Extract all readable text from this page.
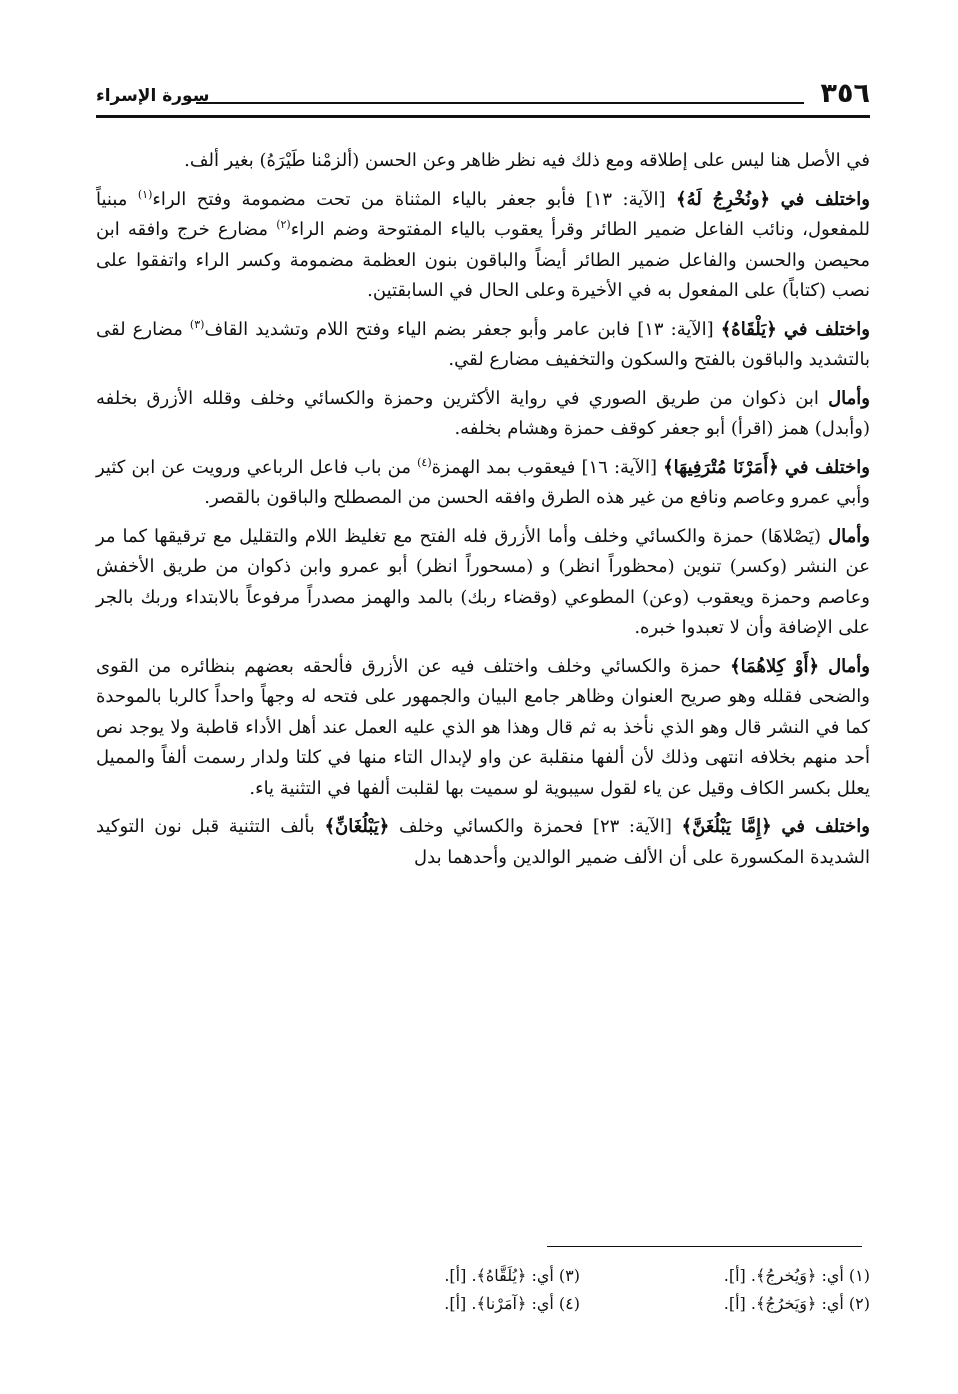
٣٥٦
سورة الإسراء

في الأصل هنا ليس على إطلاقه ومع ذلك فيه نظر ظاهر وعن الحسن (ألزمْنا طَيْرَهُ) بغير ألف.

واختلف في ﴿ونُخْرِجُ لَهُ﴾ [الآية: ١٣] فأبو جعفر بالياء المثناة من تحت مضمومة وفتح الراء$^{(١)}$ مبنياً للمفعول، ونائب الفاعل ضمير الطائر وقرأ يعقوب بالياء المفتوحة وضم الراء$^{(٢)}$ مضارع خرج وافقه ابن محيصن والحسن والفاعل ضمير الطائر أيضاً والباقون بنون العظمة مضمومة وكسر الراء واتفقوا على نصب (كتاباً) على المفعول به في الأخيرة وعلى الحال في السابقتين.

واختلف في ﴿يَلْقَاهُ﴾ [الآية: ١٣] فابن عامر وأبو جعفر بضم الياء وفتح اللام وتشديد القاف$^{(٣)}$ مضارع لقى بالتشديد والباقون بالفتح والسكون والتخفيف مضارع لقي.

وأمال ابن ذكوان من طريق الصوري في رواية الأكثرين وحمزة والكسائي وخلف وقلله الأزرق بخلفه (وأبدل) همز (اقرأ) أبو جعفر كوقف حمزة وهشام بخلفه.

واختلف في ﴿أَمَرْنَا مُتْرَفِيهَا﴾ [الآية: ١٦] فيعقوب بمد الهمزة$^{(٤)}$ من باب فاعل الرباعي ورويت عن ابن كثير وأبي عمرو وعاصم ونافع من غير هذه الطرق وافقه الحسن من المصطلح والباقون بالقصر.

وأمال (يَصْلاهَا) حمزة والكسائي وخلف وأما الأزرق فله الفتح مع تغليظ اللام والتقليل مع ترقيقها كما مر عن النشر (وكسر) تنوين (محظوراً انظر) و (مسحوراً انظر) أبو عمرو وابن ذكوان من طريق الأخفش وعاصم وحمزة ويعقوب (وعن) المطوعي (وقضاء ربك) بالمد والهمز مصدراً مرفوعاً بالابتداء وربك بالجر على الإضافة وأن لا تعبدوا خبره.

وأمال ﴿أَوْ كِلاهُمَا﴾ حمزة والكسائي وخلف واختلف فيه عن الأزرق فألحقه بعضهم بنظائره من القوى والضحى فقلله وهو صريح العنوان وظاهر جامع البيان والجمهور على فتحه له وجهاً واحداً كالربا بالموحدة كما في النشر قال وهو الذي نأخذ به ثم قال وهذا هو الذي عليه العمل عند أهل الأداء قاطبة ولا يوجد نص أحد منهم بخلافه انتهى وذلك لأن ألفها منقلبة عن واو لإبدال التاء منها في كلتا ولدار رسمت ألفاً والمميل يعلل بكسر الكاف وقيل عن ياء لقول سيبوية لو سميت بها لقلبت ألفها في التثنية ياء.

واختلف في ﴿إِمَّا يَبْلُغَنَّ﴾ [الآية: ٢٣] فحمزة والكسائي وخلف ﴿يَبْلُغَانِّ﴾ بألف التثنية قبل نون التوكيد الشديدة المكسورة على أن الألف ضمير الوالدين وأحدهما بدل

(١) أي: ﴿وَيُخرجُ﴾. [أ].
(٢) أي: ﴿وَيَخرُجُ﴾. [أ].
(٣) أي: ﴿يُلَقَّاهُ﴾. [أ].
(٤) أي: ﴿آمَرْنا﴾. [أ].
